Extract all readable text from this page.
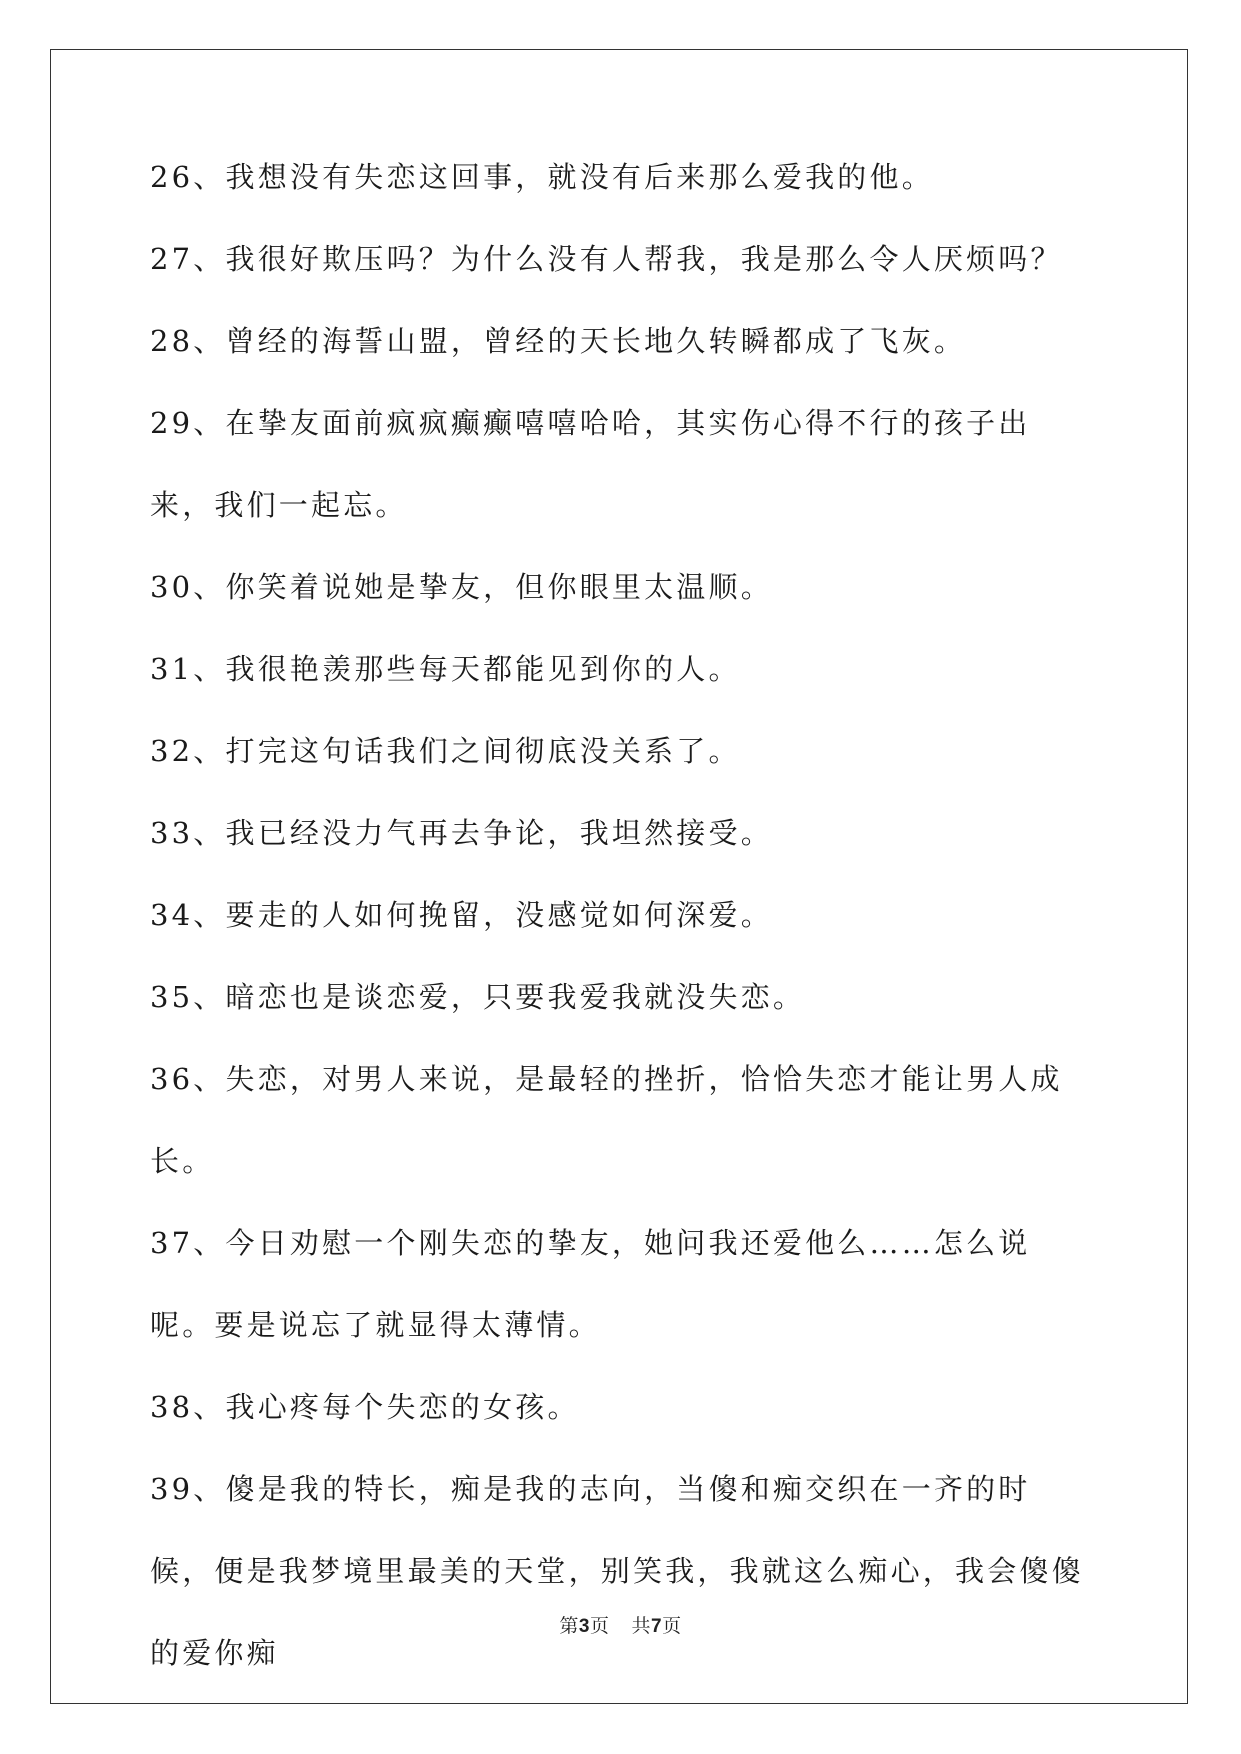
26、我想没有失恋这回事，就没有后来那么爱我的他。

27、我很好欺压吗？为什么没有人帮我，我是那么令人厌烦吗？

28、曾经的海誓山盟，曾经的天长地久转瞬都成了飞灰。

29、在挚友面前疯疯癫癫嘻嘻哈哈，其实伤心得不行的孩子出来，我们一起忘。

30、你笑着说她是挚友，但你眼里太温顺。

31、我很艳羡那些每天都能见到你的人。

32、打完这句话我们之间彻底没关系了。

33、我已经没力气再去争论，我坦然接受。

34、要走的人如何挽留，没感觉如何深爱。

35、暗恋也是谈恋爱，只要我爱我就没失恋。

36、失恋，对男人来说，是最轻的挫折，恰恰失恋才能让男人成长。

37、今日劝慰一个刚失恋的挚友，她问我还爱他么……怎么说呢。要是说忘了就显得太薄情。

38、我心疼每个失恋的女孩。

39、傻是我的特长，痴是我的志向，当傻和痴交织在一齐的时候，便是我梦境里最美的天堂，别笑我，我就这么痴心，我会傻傻的爱你痴

第3页 共7页
